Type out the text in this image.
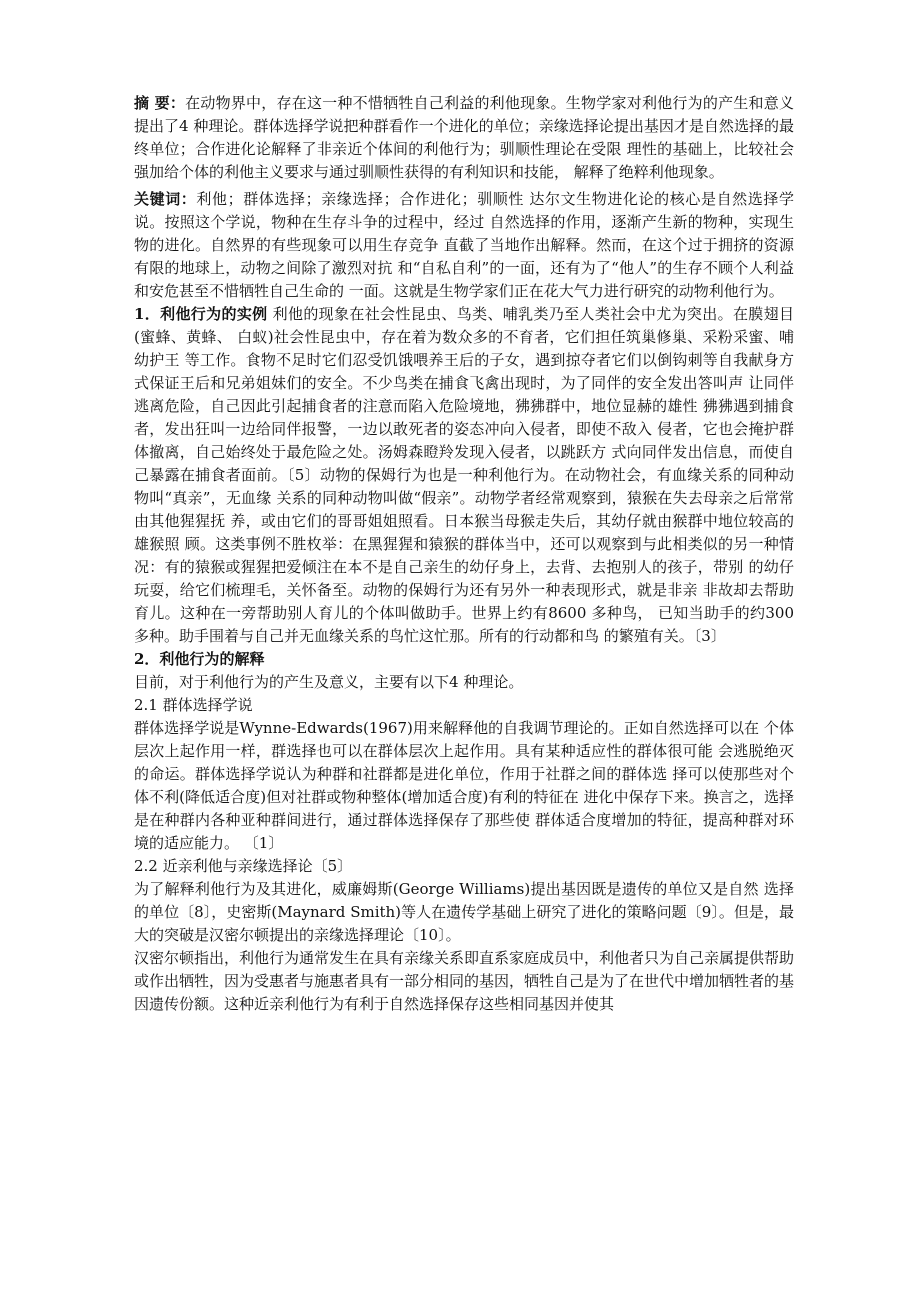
摘 要：在动物界中，存在这一种不惜牺牲自己利益的利他现象。生物学家对利他行为的产生和意义提出了4 种理论。群体选择学说把种群看作一个进化的单位；亲缘选择论提出基因才是自然选择的最终单位；合作进化论解释了非亲近个体间的利他行为；驯顺性理论在受限 理性的基础上，比较社会强加给个体的利他主义要求与通过驯顺性获得的有利知识和技能， 解释了绝粹利他现象。

关键词：利他；群体选择；亲缘选择；合作进化；驯顺性 达尔文生物进化论的核心是自然选择学说。按照这个学说，物种在生存斗争的过程中，经过 自然选择的作用，逐渐产生新的物种，实现生物的进化。自然界的有些现象可以用生存竞争 直截了当地作出解释。然而，在这个过于拥挤的资源有限的地球上，动物之间除了激烈对抗 和“自私自利”的一面，还有为了“他人”的生存不顾个人利益和安危甚至不惜牺牲自己生命的 一面。这就是生物学家们正在花大气力进行研究的动物利他行为。

1．利他行为的实例 利他的现象在社会性昆虫、鸟类、哺乳类乃至人类社会中尤为突出。在膜翅目(蜜蜂、黄蜂、 白蚁)社会性昆虫中，存在着为数众多的不育者，它们担任筑巢修巢、采粉采蜜、哺幼护王 等工作。食物不足时它们忍受饥饿喂养王后的子女，遇到掠夺者它们以倒钩刺等自我献身方 式保证王后和兄弟姐妹们的安全。不少鸟类在捕食飞禽出现时，为了同伴的安全发出答叫声 让同伴逃离危险，自己因此引起捕食者的注意而陷入危险境地，狒狒群中，地位显赫的雄性 狒狒遇到捕食者，发出狂叫一边给同伴报警，一边以敢死者的姿态冲向入侵者，即使不敌入 侵者，它也会掩护群体撤离，自己始终处于最危险之处。汤姆森瞪羚发现入侵者，以跳跃方 式向同伴发出信息，而使自己暴露在捕食者面前。〔5〕动物的保姆行为也是一种利他行为。在动物社会，有血缘关系的同种动物叫“真亲”，无血缘 关系的同种动物叫做“假亲”。动物学者经常观察到，猿猴在失去母亲之后常常由其他猩猩抚 养，或由它们的哥哥姐姐照看。日本猴当母猴走失后，其幼仔就由猴群中地位较高的雄猴照 顾。这类事例不胜枚举：在黑猩猩和猿猴的群体当中，还可以观察到与此相类似的另一种情 况：有的猿猴或猩猩把爱倾注在本不是自己亲生的幼仔身上，去背、去抱别人的孩子，带别 的幼仔玩耍，给它们梳理毛，关怀备至。动物的保姆行为还有另外一种表现形式，就是非亲 非故却去帮助育儿。这种在一旁帮助别人育儿的个体叫做助手。世界上约有8600 多种鸟， 已知当助手的约300 多种。助手围着与自己并无血缘关系的鸟忙这忙那。所有的行动都和鸟 的繁殖有关。〔3〕

2．利他行为的解释

目前，对于利他行为的产生及意义，主要有以下4 种理论。

2.1 群体选择学说

群体选择学说是Wynne-Edwards(1967)用来解释他的自我调节理论的。正如自然选择可以在 个体层次上起作用一样，群选择也可以在群体层次上起作用。具有某种适应性的群体很可能 会逃脱绝灭的命运。群体选择学说认为种群和社群都是进化单位，作用于社群之间的群体选 择可以使那些对个体不利(降低适合度)但对社群或物种整体(增加适合度)有利的特征在 进化中保存下来。换言之，选择是在种群内各种亚种群间进行，通过群体选择保存了那些使 群体适合度增加的特征，提高种群对环境的适应能力。 〔1〕

2.2 近亲利他与亲缘选择论〔5〕

为了解释利他行为及其进化，威廉姆斯(George Williams)提出基因既是遗传的单位又是自然 选择的单位〔8〕，史密斯(Maynard Smith)等人在遗传学基础上研究了进化的策略问题〔9〕。但是，最大的突破是汉密尔顿提出的亲缘选择理论〔10〕。

汉密尔顿指出，利他行为通常发生在具有亲缘关系即直系家庭成员中，利他者只为自己亲属提供帮助或作出牺牲，因为受惠者与施惠者具有一部分相同的基因，牺牲自己是为了在世代中增加牺牲者的基因遗传份额。这种近亲利他行为有利于自然选择保存这些相同基因并使其
